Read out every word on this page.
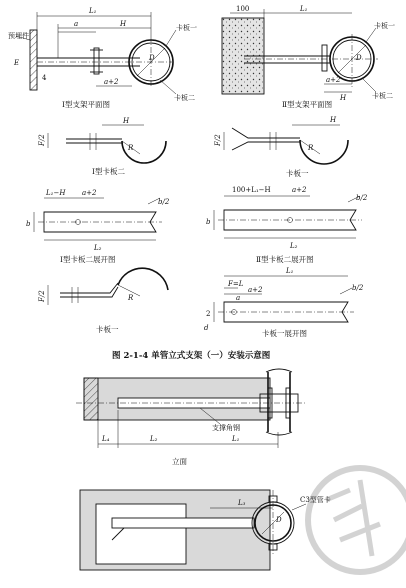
预埋件
L₁
a	H
a+2
E
4
D
卡板一
卡板二
Ⅰ型支架平面图
100	L₁
a+2
H
D
卡板一
卡板二
Ⅱ型支架平面图
H
R
F/2
Ⅰ型卡板二
H
R
F/2
卡板一
L₁−H a+2
b/2
b
L₂
Ⅰ型卡板二展开图
100+L₁−H	a+2
b/2
b
L₂
Ⅱ型卡板二展开图
R
F/2
卡板一
L₁
F=L
a
a+2	b/2
2
d
卡板一展开图
图 2-1-4 单管立式支架（一）安装示意图
支撑角钢
L₄	L₂	L₁
立面
L₃
D
C3型管卡
